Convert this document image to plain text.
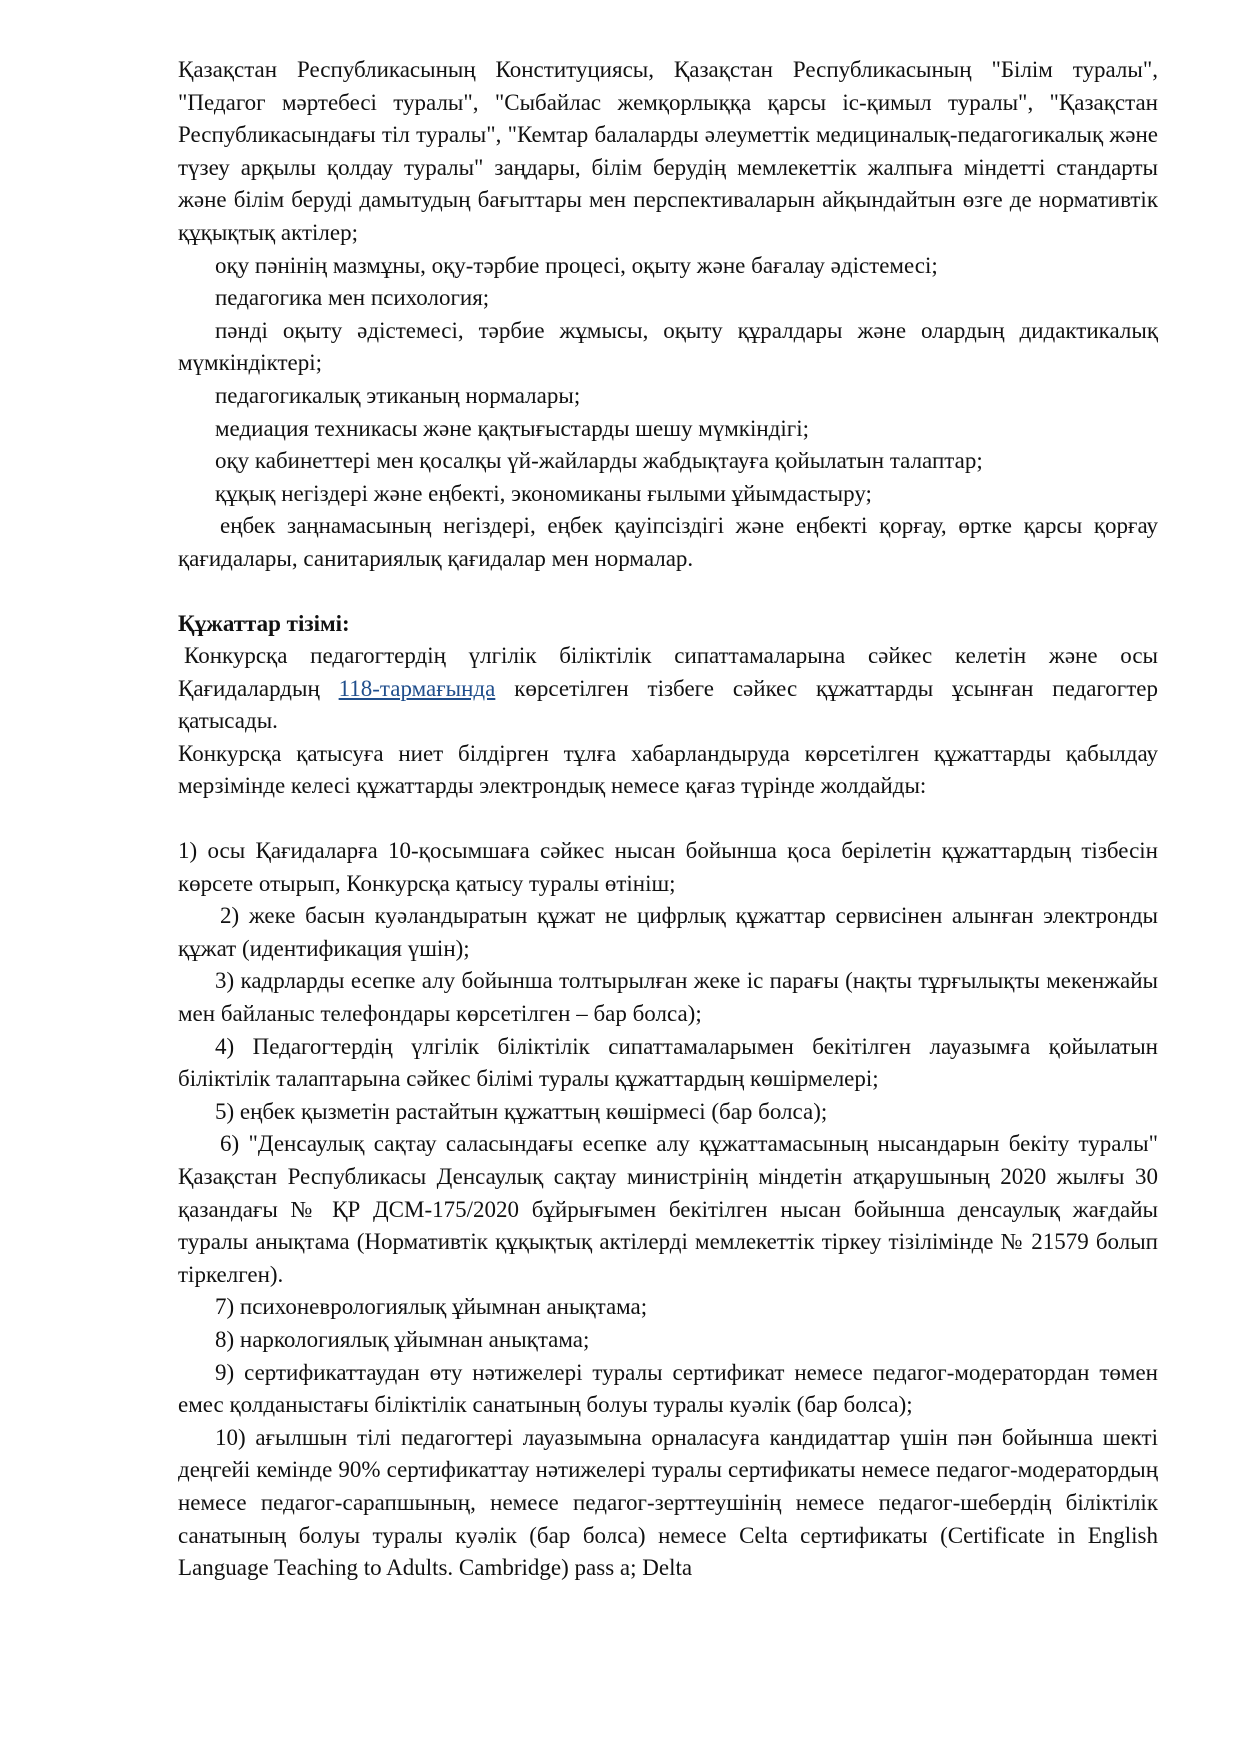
Қазақстан Республикасының Конституциясы, Қазақстан Республикасының "Білім туралы", "Педагог мәртебесі туралы", "Сыбайлас жемқорлыққа қарсы іс-қимыл туралы", "Қазақстан Республикасындағы тіл туралы", "Кемтар балаларды әлеуметтік медициналық-педагогикалық және түзеу арқылы қолдау туралы" заңдары, білім берудің мемлекеттік жалпыға міндетті стандарты және білім беруді дамытудың бағыттары мен перспективаларын айқындайтын өзге де нормативтік құқықтық актілер;

оқу пәнінің мазмұны, оқу-тәрбие процесі, оқыту және бағалау әдістемесі;

педагогика мен психология;

пәнді оқыту әдістемесі, тәрбие жұмысы, оқыту құралдары және олардың дидактикалық мүмкіндіктері;

педагогикалық этиканың нормалары;

медиация техникасы және қақтығыстарды шешу мүмкіндігі;

оқу кабинеттері мен қосалқы үй-жайларды жабдықтауға қойылатын талаптар;

құқық негіздері және еңбекті, экономиканы ғылыми ұйымдастыру;

еңбек заңнамасының негіздері, еңбек қауіпсіздігі және еңбекті қорғау, өртке қарсы қорғау қағидалары, санитариялық қағидалар мен нормалар.

Құжаттар тізімі:

Конкурсқа педагогтердің үлгілік біліктілік сипаттамаларына сәйкес келетін және осы Қағидалардың 118-тармағында көрсетілген тізбеге сәйкес құжаттарды ұсынған педагогтер қатысады.

Конкурсқа қатысуға ниет білдірген тұлға хабарландыруда көрсетілген құжаттарды қабылдау мерзімінде келесі құжаттарды электрондық немесе қағаз түрінде жолдайды:

1) осы Қағидаларға 10-қосымшаға сәйкес нысан бойынша қоса берілетін құжаттардың тізбесін көрсете отырып, Конкурсқа қатысу туралы өтініш;

2) жеке басын куәландыратын құжат не цифрлық құжаттар сервисінен алынған электронды құжат (идентификация үшін);

3) кадрларды есепке алу бойынша толтырылған жеке іс парағы (нақты тұрғылықты мекенжайы мен байланыс телефондары көрсетілген – бар болса);

4) Педагогтердің үлгілік біліктілік сипаттамаларымен бекітілген лауазымға қойылатын біліктілік талаптарына сәйкес білімі туралы құжаттардың көшірмелері;

5) еңбек қызметін растайтын құжаттың көшірмесі (бар болса);

6) "Денсаулық сақтау саласындағы есепке алу құжаттамасының нысандарын бекіту туралы" Қазақстан Республикасы Денсаулық сақтау министрінің міндетін атқарушының 2020 жылғы 30 қазандағы № ҚР ДСМ-175/2020 бұйрығымен бекітілген нысан бойынша денсаулық жағдайы туралы анықтама (Нормативтік құқықтық актілерді мемлекеттік тіркеу тізілімінде № 21579 болып тіркелген).

7) психоневрологиялық ұйымнан анықтама;

8) наркологиялық ұйымнан анықтама;

9) сертификаттаудан өту нәтижелері туралы сертификат немесе педагог-модератордан төмен емес қолданыстағы біліктілік санатының болуы туралы куәлік (бар болса);

10) ағылшын тілі педагогтері лауазымына орналасуға кандидаттар үшін пән бойынша шекті деңгейі кемінде 90% сертификаттау нәтижелері туралы сертификаты немесе педагог-модератордың немесе педагог-сарапшының, немесе педагог-зерттеушінің немесе педагог-шебердің біліктілік санатының болуы туралы куәлік (бар болса) немесе Celta сертификаты (Certificate in English Language Teaching to Adults. Cambridge) pass a; Delta
